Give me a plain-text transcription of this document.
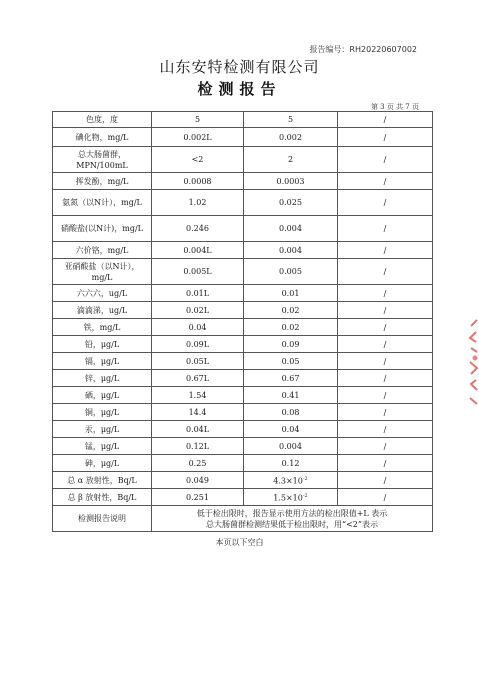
报告编号：RH20220607002
山东安特检测有限公司
检测报告
第 3 页 共 7 页
色度，度	5	5	/
碘化物，mg/L	0.002L	0.002	/
总大肠菌群，MPN/100mL	<2	2	/
挥发酚，mg/L	0.0008	0.0003	/
氨氮（以N计），mg/L	1.02	0.025	/
硝酸盐(以N计)，mg/L	0.246	0.004	/
六价铬，mg/L	0.004L	0.004	/
亚硝酸盐（以N计），mg/L	0.005L	0.005	/
六六六，ug/L	0.01L	0.01	/
滴滴涕，ug/L	0.02L	0.02	/
铁，mg/L	0.04	0.02	/
铅，μg/L	0.09L	0.09	/
镉，μg/L	0.05L	0.05	/
锌，μg/L	0.67L	0.67	/
硒，μg/L	1.54	0.41	/
铜，μg/L	14.4	0.08	/
汞，μg/L	0.04L	0.04	/
锰，μg/L	0.12L	0.004	/
砷，μg/L	0.25	0.12	/
总 α 放射性，Bq/L	0.049	$4.3\times 10^{-2}$	/
总 β 放射性，Bq/L	0.251	$1.5\times 10^{-2}$	/
检测报告说明	低于检出限时，报告显示使用方法的检出限值+L 表示
总大肠菌群检测结果低于检出限时，用“<2”表示		
本页以下空白
